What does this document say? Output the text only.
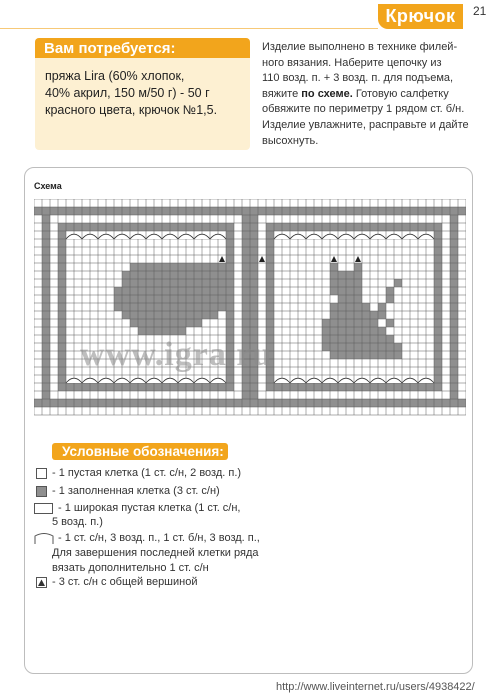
Крючок	21
Вам потребуется:
пряжа Lira (60% хлопок,
40% акрил, 150 м/50 г) - 50 г
красного цвета, крючок №1,5.
Изделие выполнено в технике филей-
ного вязания. Наберите цепочку из
110 возд. п. + 3 возд. п. для подъема,
вяжите по схеме. Готовую салфетку
обвяжите по периметру 1 рядом ст. б/н.
Изделие увлажните, расправьте и дайте
высохнуть.
Схема
www.igra.ru
Условные обозначения:
- 1 пустая клетка (1 ст. с/н, 2 возд. п.)
- 1 заполненная клетка (3 ст. с/н)
- 1 широкая пустая клетка (1 ст. с/н,
5 возд. п.)
- 1 ст. с/н, 3 возд. п., 1 ст. б/н, 3 возд. п.,
Для завершения последней клетки ряда
вязать дополнительно 1 ст. с/н
- 3 ст. с/н с общей вершиной
http://www.liveinternet.ru/users/4938422/
